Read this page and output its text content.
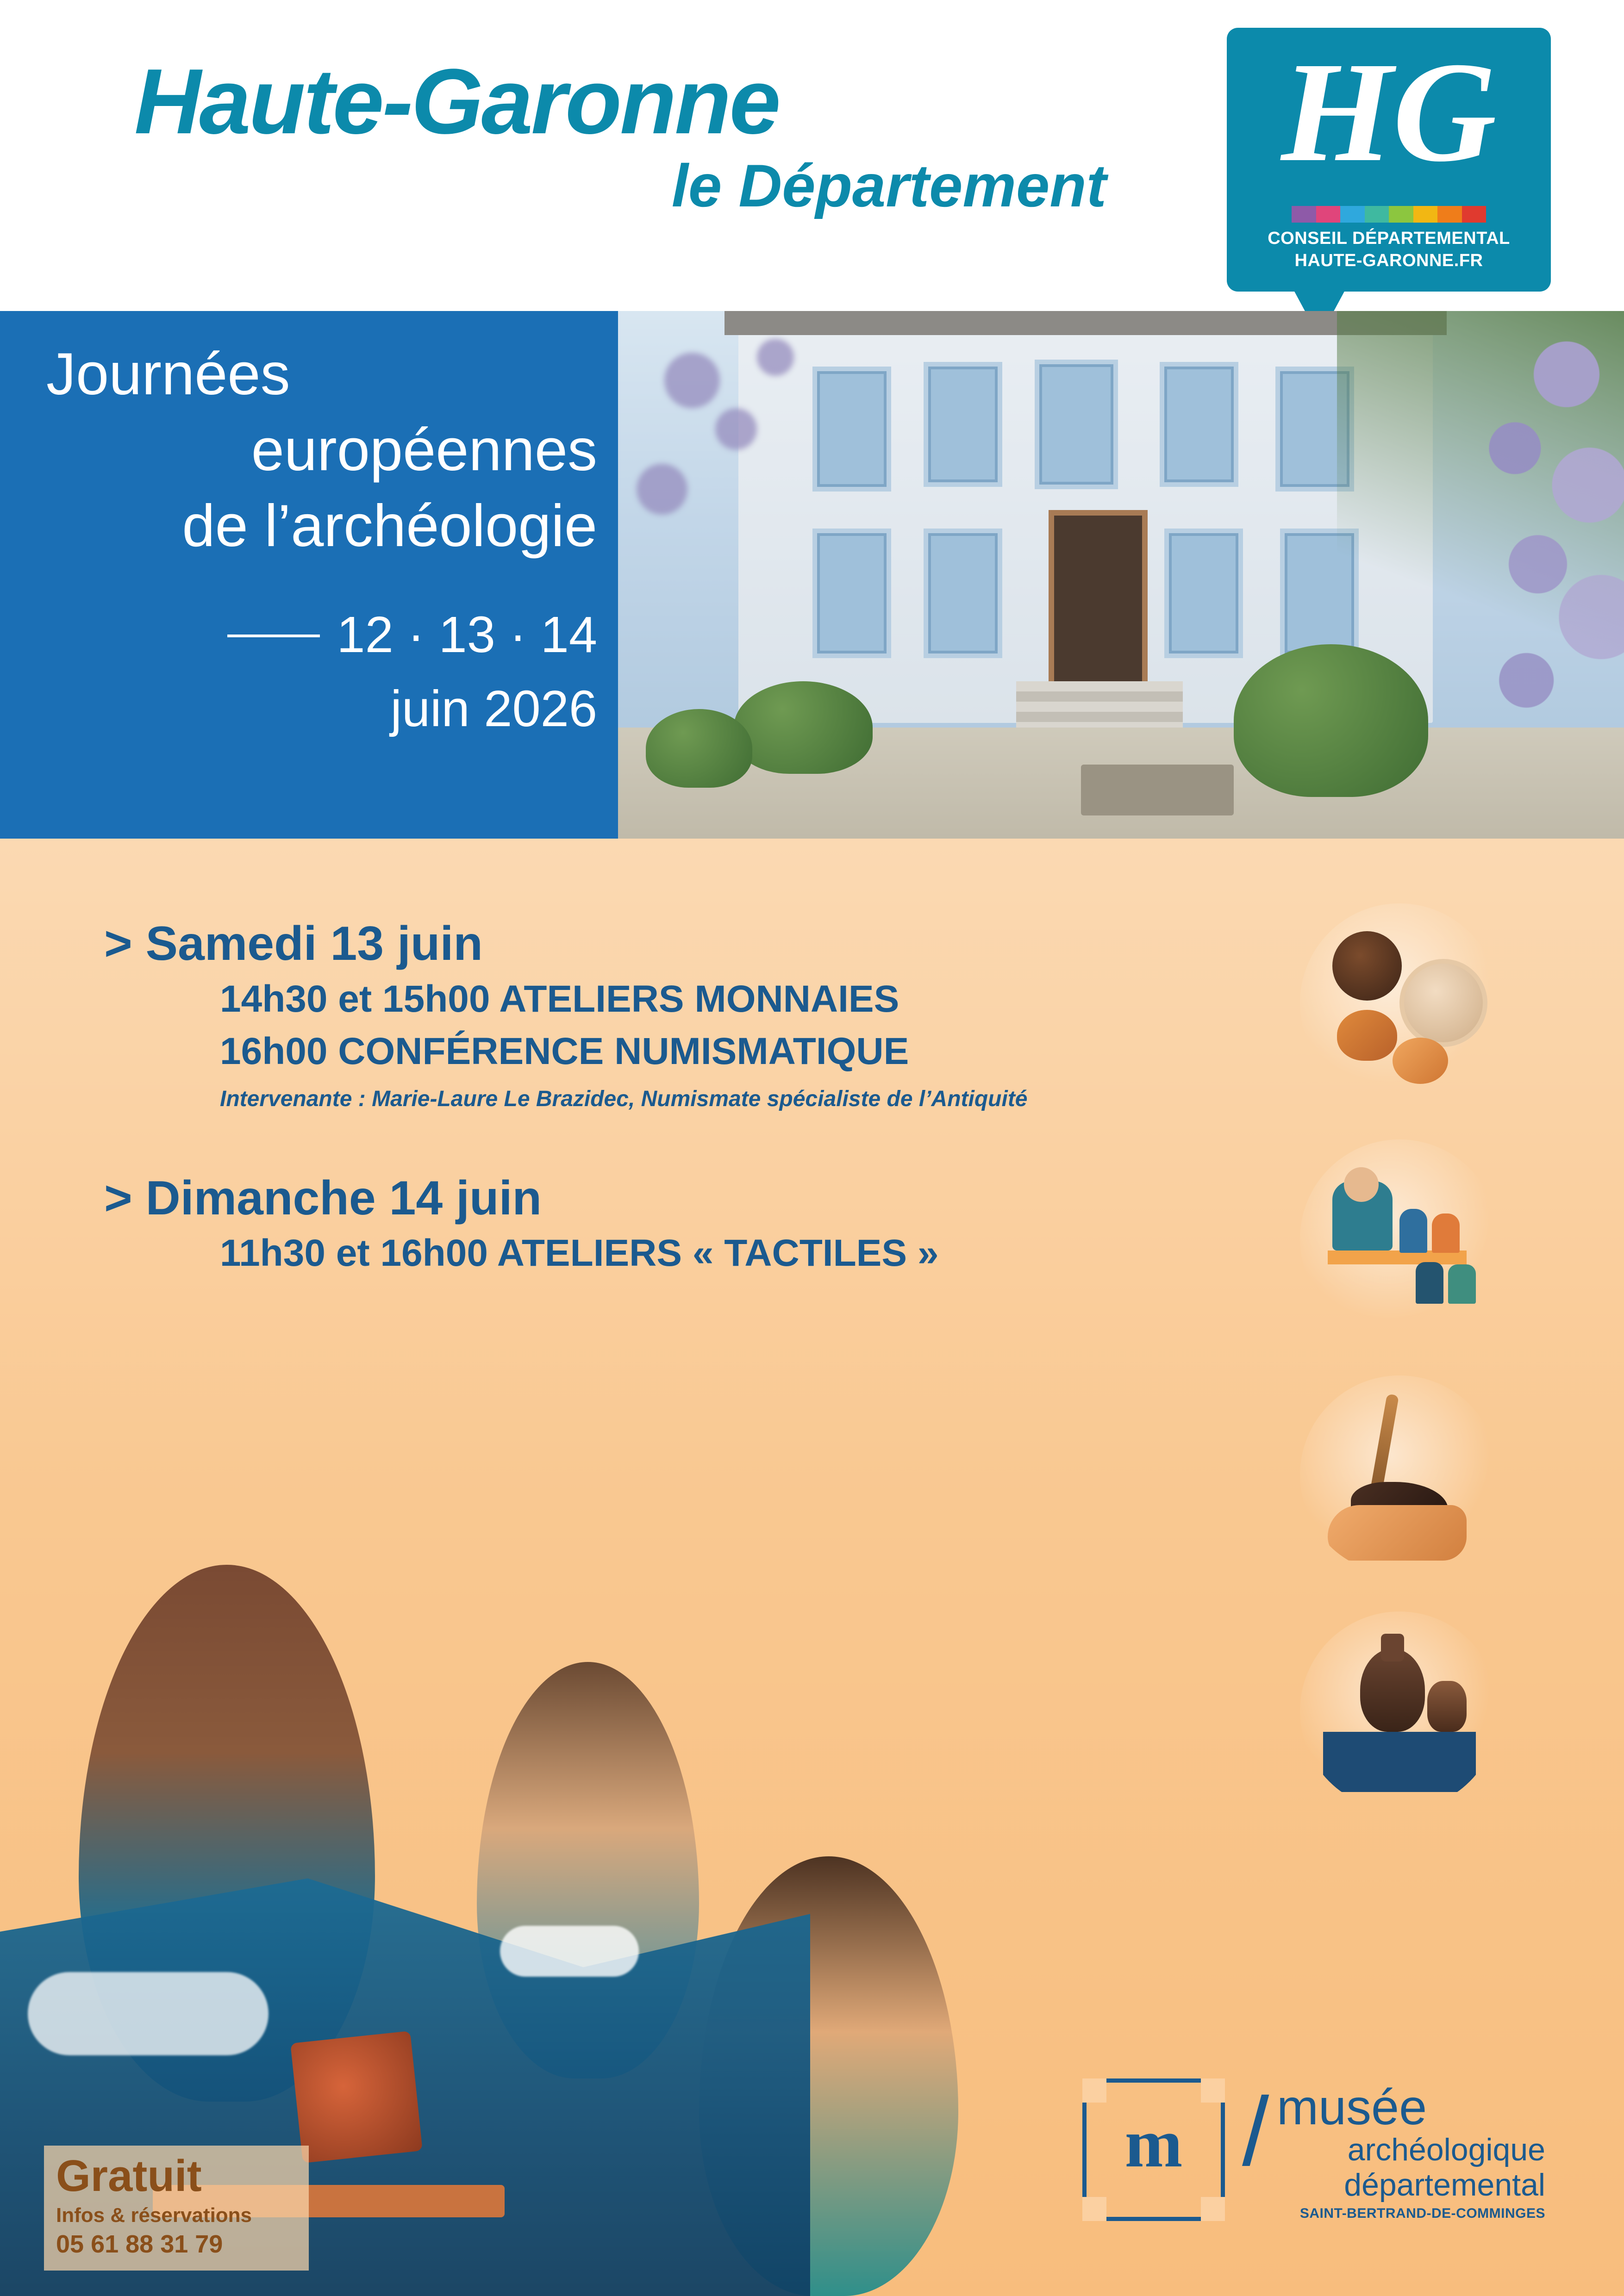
Haute-Garonne
le Département	HG
CONSEIL DÉPARTEMENTAL
HAUTE-GARONNE.FR
Journées
européennes
de l’archéologie
12 · 13 · 14
juin 2026
> Samedi 13 juin
14h30 et 15h00 ATELIERS MONNAIES
16h00 CONFÉRENCE NUMISMATIQUE
Intervenante : Marie-Laure Le Brazidec, Numismate spécialiste de l’Antiquité
> Dimanche 14 juin
11h30 et 16h00 ATELIERS « TACTILES »
Gratuit
Infos & réservations
05 61 88 31 79
m / musée
archéologique
départemental
SAINT-BERTRAND-DE-COMMINGES
